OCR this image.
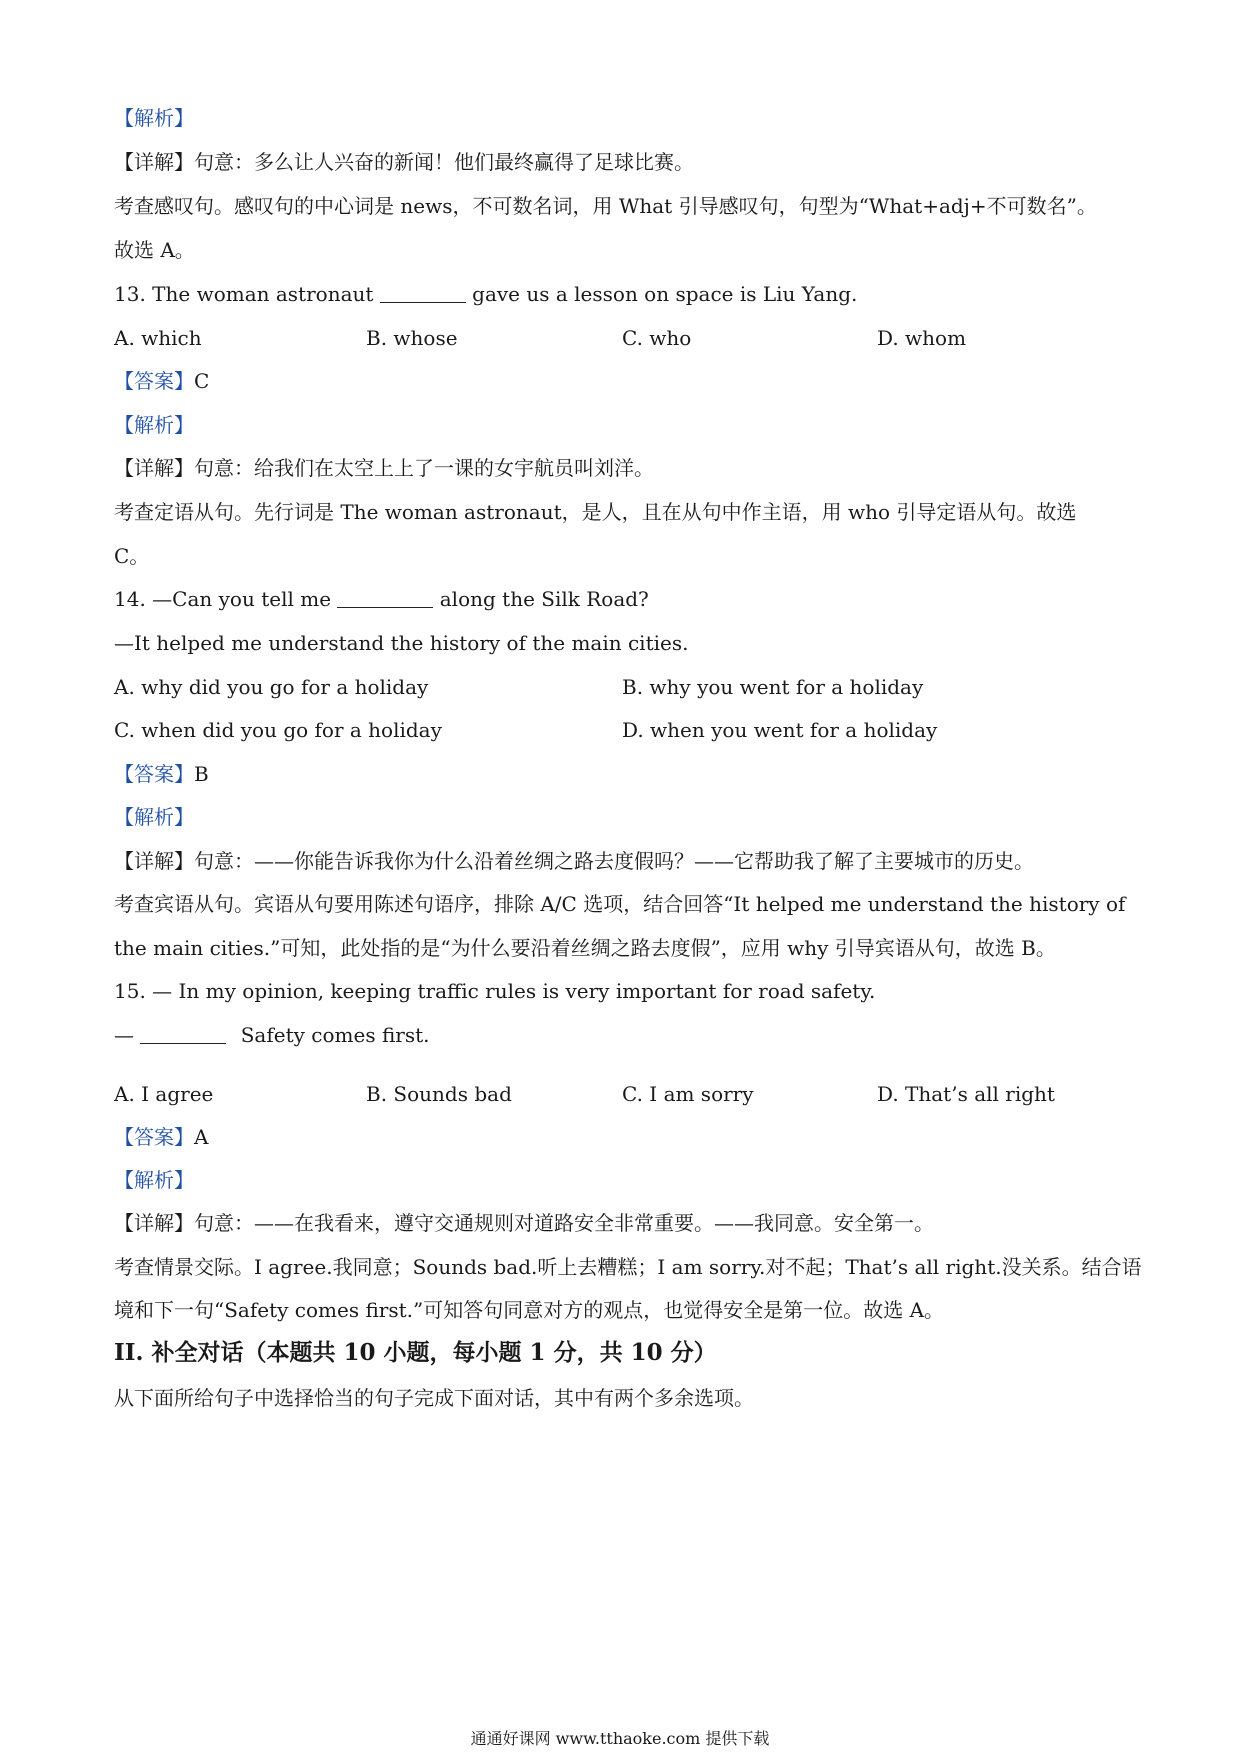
【解析】
【详解】句意：多么让人兴奋的新闻！他们最终赢得了足球比赛。
考查感叹句。感叹句的中心词是 news，不可数名词，用 What 引导感叹句，句型为“What+adj+不可数名”。
故选 A。
13. The woman astronaut	gave us a lesson on space is Liu Yang.
A. which	B. whose	C. who	D. whom
【答案】C
【解析】
【详解】句意：给我们在太空上上了一课的女宇航员叫刘洋。
考查定语从句。先行词是 The woman astronaut，是人，且在从句中作主语，用 who 引导定语从句。故选
C。
14. —Can you tell me	along the Silk Road?
—It helped me understand the history of the main cities.
A. why did you go for a holiday	B. why you went for a holiday
C. when did you go for a holiday	D. when you went for a holiday
【答案】B
【解析】
【详解】句意：——你能告诉我你为什么沿着丝绸之路去度假吗？——它帮助我了解了主要城市的历史。
考查宾语从句。宾语从句要用陈述句语序，排除 A/C 选项，结合回答“It helped me understand the history of
the main cities.”可知，此处指的是“为什么要沿着丝绸之路去度假”，应用 why 引导宾语从句，故选 B。
15. — In my opinion, keeping traffic rules is very important for road safety.
—	Safety comes first.
A. I agree	B. Sounds bad	C. I am sorry	D. That’s all right
【答案】A
【解析】
【详解】句意：——在我看来，遵守交通规则对道路安全非常重要。——我同意。安全第一。
考查情景交际。I agree.我同意；Sounds bad.听上去糟糕；I am sorry.对不起；That’s all right.没关系。结合语
境和下一句“Safety comes first.”可知答句同意对方的观点，也觉得安全是第一位。故选 A。
II. 补全对话（本题共 10 小题，每小题 1 分，共 10 分）
从下面所给句子中选择恰当的句子完成下面对话，其中有两个多余选项。
通通好课网 www.tthaoke.com 提供下载
